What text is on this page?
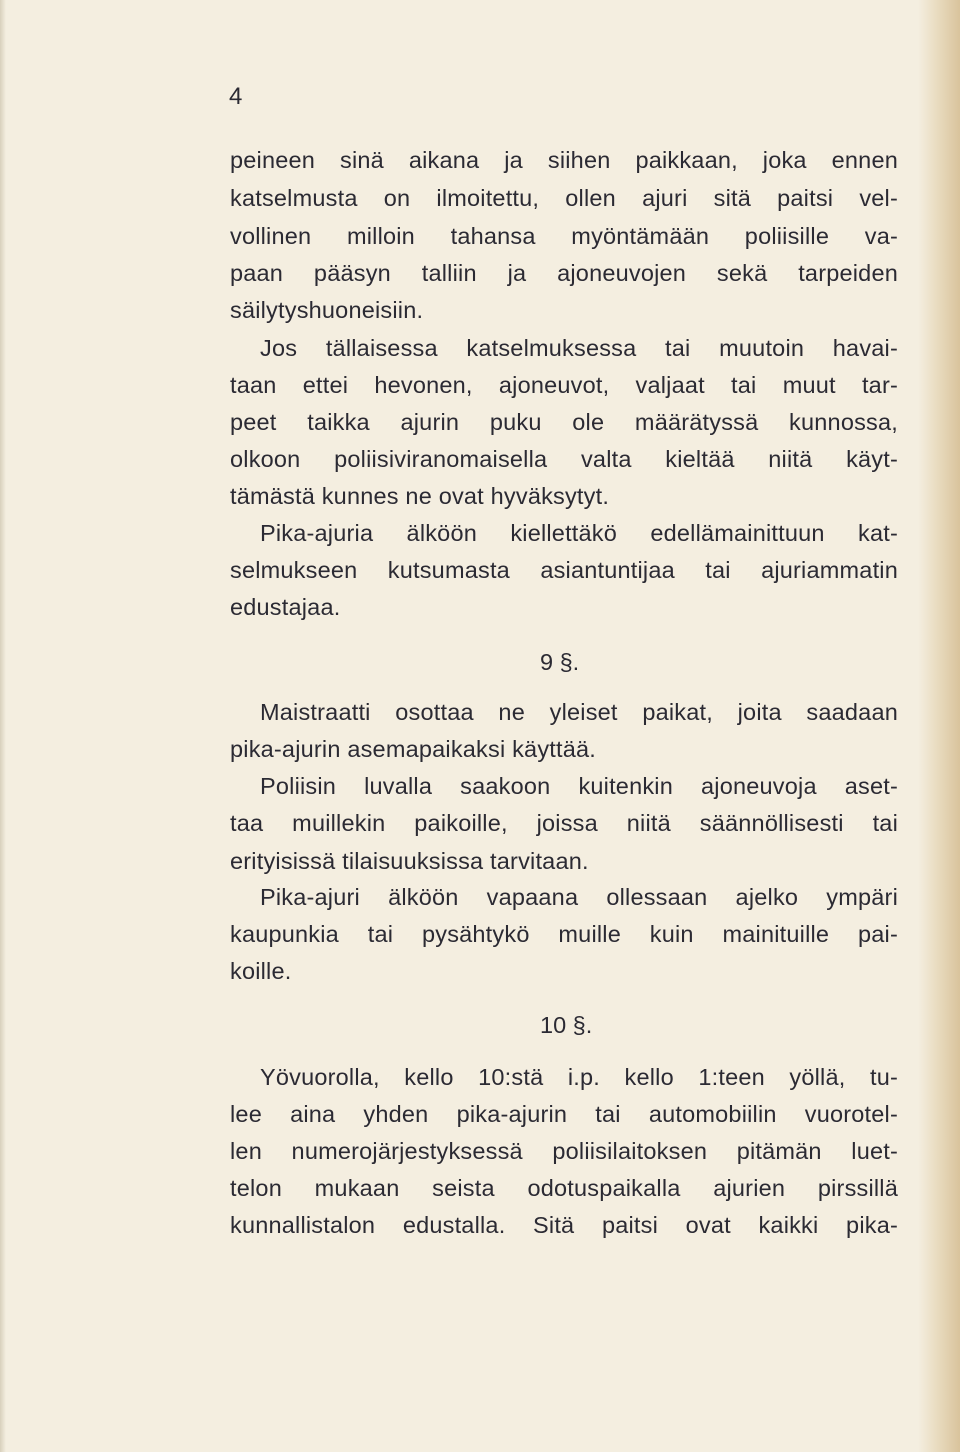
4
peineen sinä aikana ja siihen paikkaan, joka ennen
katselmusta on ilmoitettu, ollen ajuri sitä paitsi vel-
vollinen milloin tahansa myöntämään poliisille va-
paan pääsyn talliin ja ajoneuvojen sekä tarpeiden
säilytyshuoneisiin.
Jos tällaisessa katselmuksessa tai muutoin havai-
taan ettei hevonen, ajoneuvot, valjaat tai muut tar-
peet taikka ajurin puku ole määrätyssä kunnossa,
olkoon poliisiviranomaisella valta kieltää niitä käyt-
tämästä kunnes ne ovat hyväksytyt.
Pika-ajuria älköön kiellettäkö edellämainittuun kat-
selmukseen kutsumasta asiantuntijaa tai ajuriammatin
edustajaa.
9 §.
Maistraatti osottaa ne yleiset paikat, joita saadaan
pika-ajurin asemapaikaksi käyttää.
Poliisin luvalla saakoon kuitenkin ajoneuvoja aset-
taa muillekin paikoille, joissa niitä säännöllisesti tai
erityisissä tilaisuuksissa tarvitaan.
Pika-ajuri älköön vapaana ollessaan ajelko ympäri
kaupunkia tai pysähtykö muille kuin mainituille pai-
koille.
10 §.
Yövuorolla, kello 10:stä i.p. kello 1:teen yöllä, tu-
lee aina yhden pika-ajurin tai automobiilin vuorotel-
len numerojärjestyksessä poliisilaitoksen pitämän luet-
telon mukaan seista odotuspaikalla ajurien pirssillä
kunnallistalon edustalla. Sitä paitsi ovat kaikki pika-
